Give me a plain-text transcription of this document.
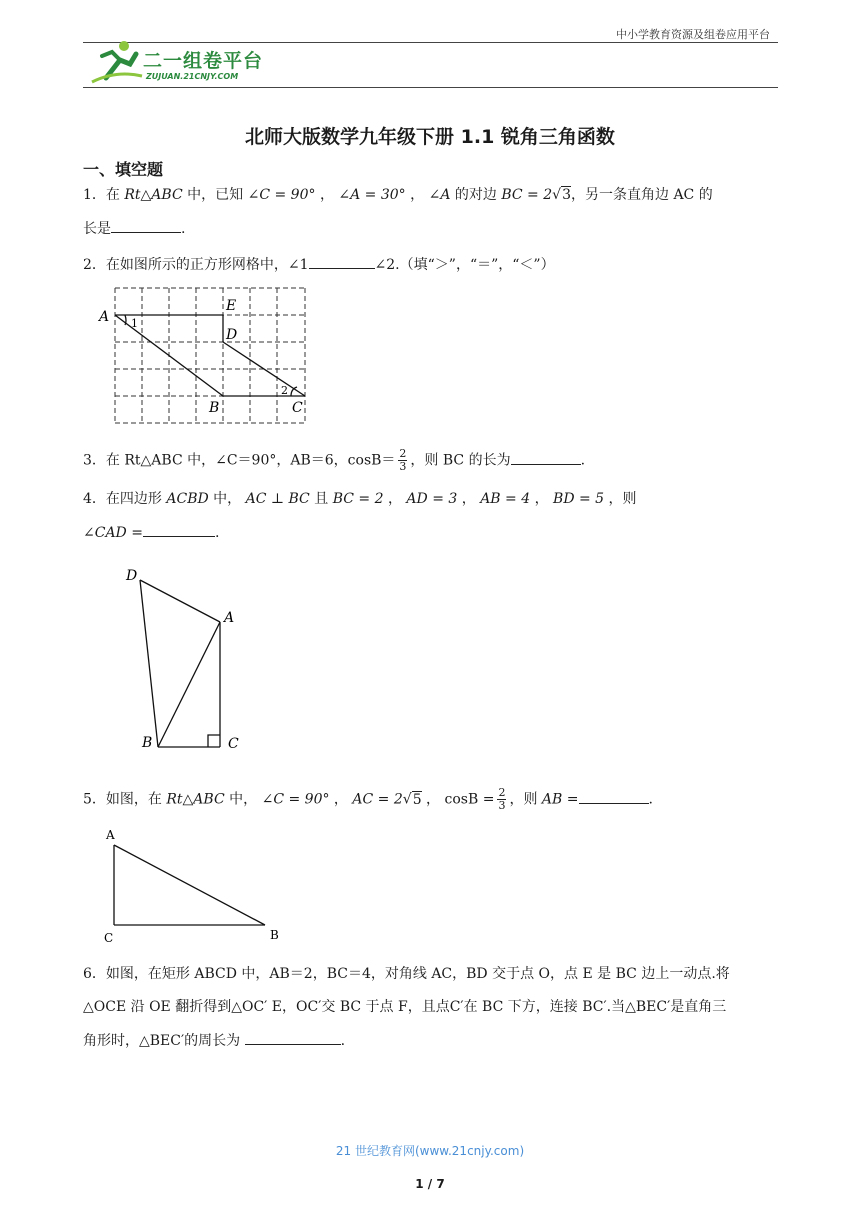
中小学教育资源及组卷应用平台
二一组卷平台
ZUJUAN.21CNJY.COM
北师大版数学九年级下册 1.1 锐角三角函数
一、填空题
1．在 Rt△ABC 中，已知 ∠C = 90° ， ∠A = 30° ， ∠A 的对边 BC = 2√3，另一条直角边 AC 的
长是	.
2．在如图所示的正方形网格中，∠1	∠2.（填“＞”，“＝”，“＜”）
A
E
D
1
2
B	C
3．在 Rt△ABC 中，∠C＝90°，AB＝6，$\cos B= \frac{2}{3}$ ，则 BC 的长为	.
4．在四边形 ACBD 中， AC ⊥ BC 且 BC = 2 ， AD = 3 ， AB = 4 ， BD = 5 ，则
∠CAD =	.
D
A
B	C
5．如图，在 Rt△ABC 中， ∠C = 90° ， AC = 2√5 ， $\cos B = \frac{2}{3}$ ，则 AB =	.
A
C	B
6．如图，在矩形 ABCD 中，AB＝2，BC＝4，对角线 AC，BD 交于点 O，点 E 是 BC 边上一动点.将
△OCE 沿 OE 翻折得到△OC′ E，OC′交 BC 于点 F，且点C′在 BC 下方，连接 BC′.当△BEC′是直角三
角形时，△BEC′的周长为	.
21 世纪教育网(www.21cnjy.com)
1 / 7
